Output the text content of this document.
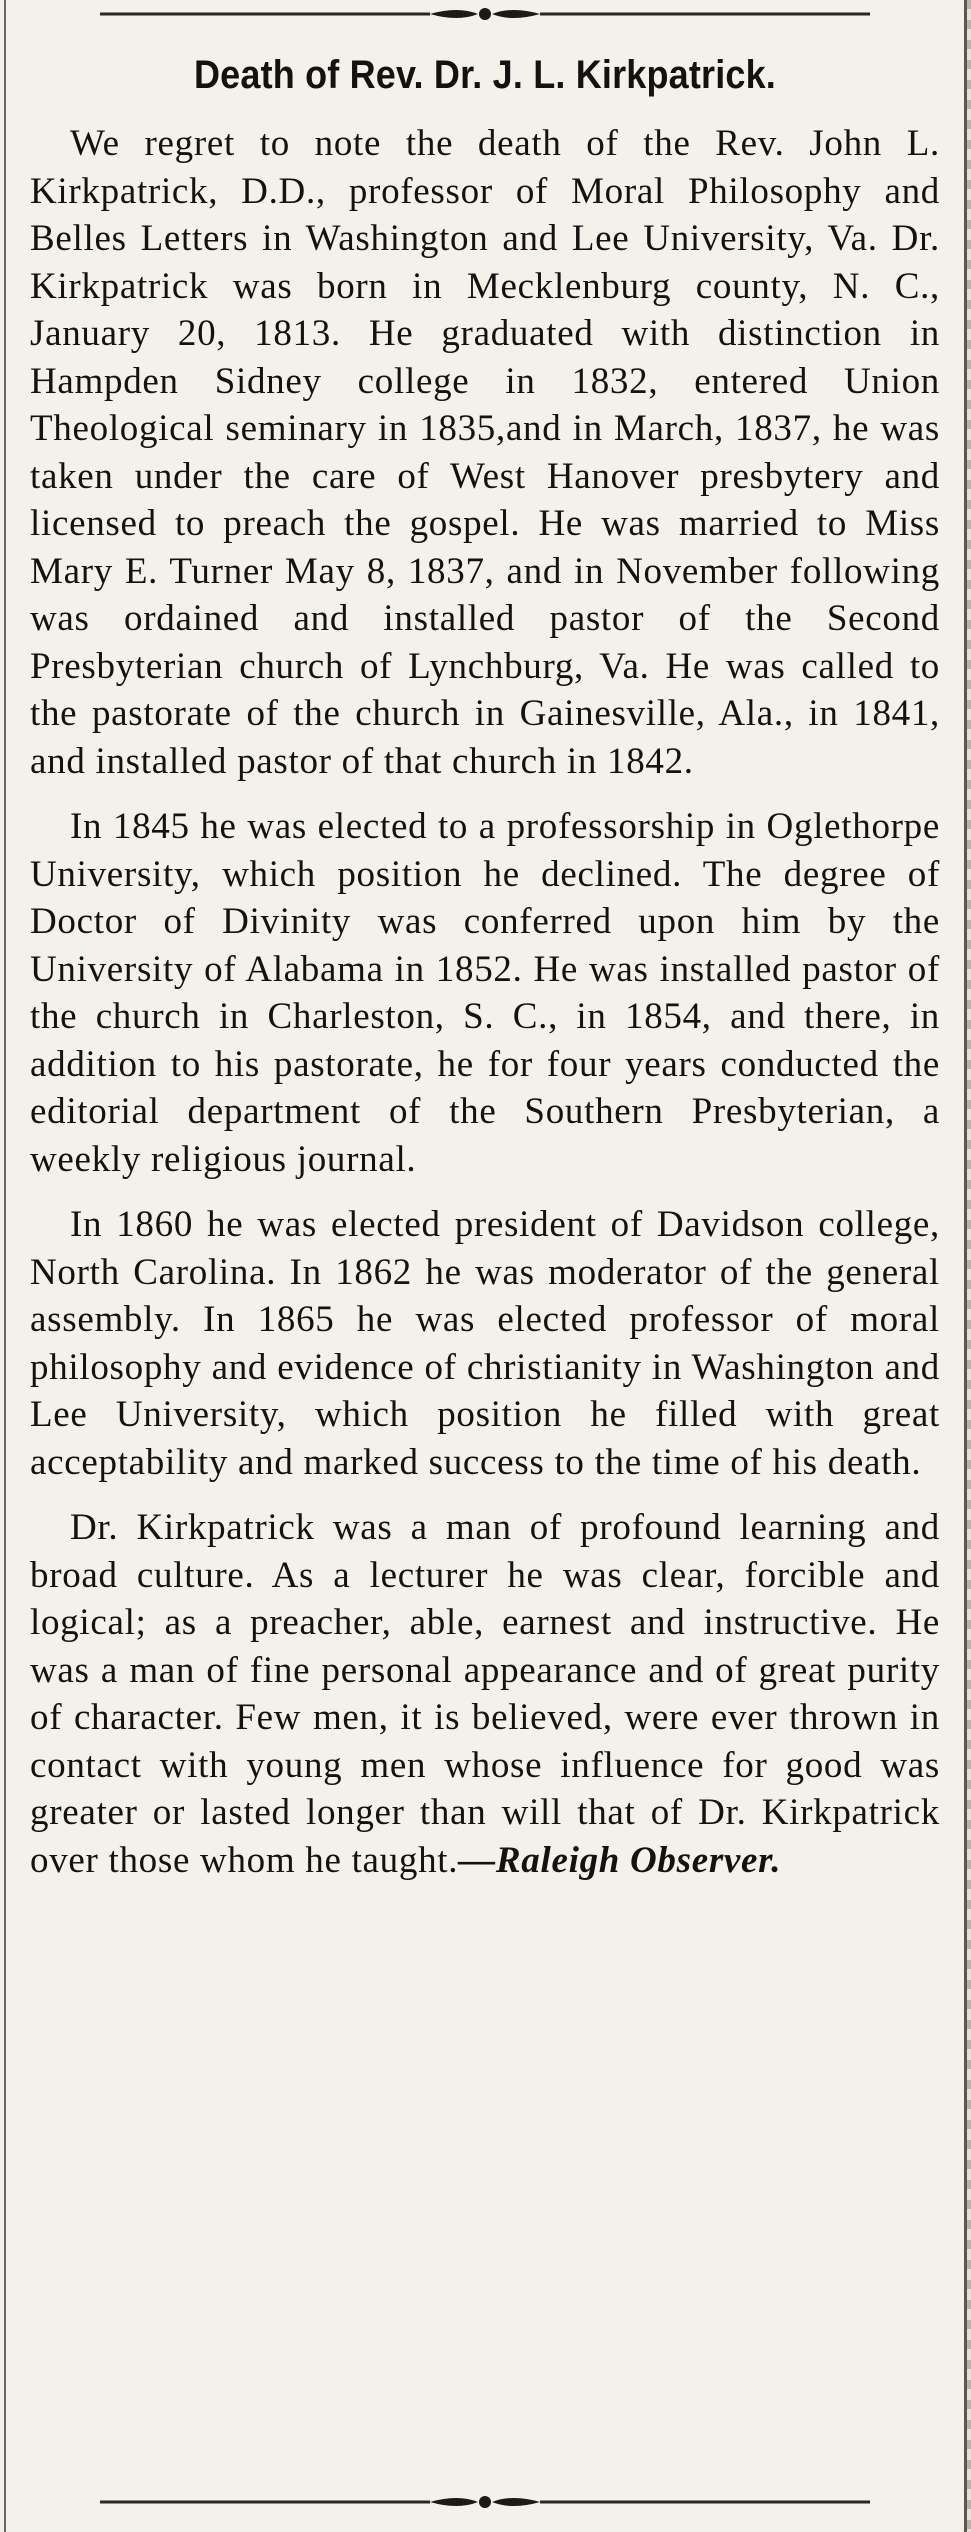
Death of Rev. Dr. J. L. Kirkpatrick.

We regret to note the death of the Rev. John L. Kirkpatrick, D.D., professor of Moral Philosophy and Belles Letters in Washington and Lee University, Va. Dr. Kirkpatrick was born in Mecklenburg county, N. C., January 20, 1813. He graduated with distinction in Hampden Sidney college in 1832, entered Union Theological seminary in 1835,and in March, 1837, he was taken under the care of West Hanover presbytery and licensed to preach the gospel. He was married to Miss Mary E. Turner May 8, 1837, and in November following was ordained and installed pastor of the Second Presbyterian church of Lynchburg, Va. He was called to the pastorate of the church in Gainesville, Ala., in 1841, and installed pastor of that church in 1842.

In 1845 he was elected to a professorship in Oglethorpe University, which position he declined. The degree of Doctor of Divinity was conferred upon him by the University of Alabama in 1852. He was installed pastor of the church in Charleston, S. C., in 1854, and there, in addition to his pastorate, he for four years conducted the editorial department of the Southern Presbyterian, a weekly religious journal.

In 1860 he was elected president of Davidson college, North Carolina. In 1862 he was moderator of the general assembly. In 1865 he was elected professor of moral philosophy and evidence of christianity in Washington and Lee University, which position he filled with great acceptability and marked success to the time of his death.

Dr. Kirkpatrick was a man of profound learning and broad culture. As a lecturer he was clear, forcible and logical; as a preacher, able, earnest and instructive. He was a man of fine personal appearance and of great purity of character. Few men, it is believed, were ever thrown in contact with young men whose influence for good was greater or lasted longer than will that of Dr. Kirkpatrick over those whom he taught.—Raleigh Observer.
